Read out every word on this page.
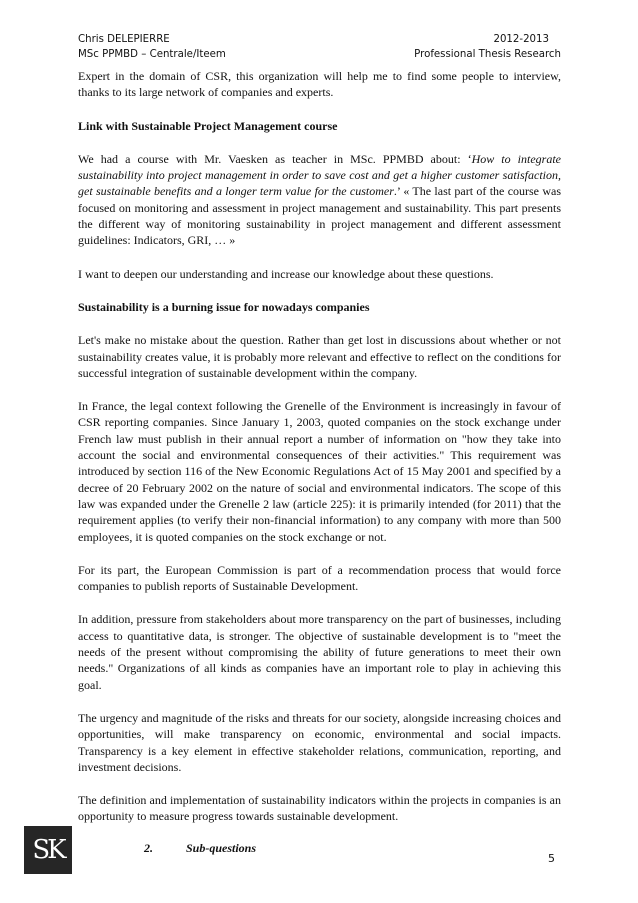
Chris DELEPIERRE	2012-2013
MSc PPMBD – Centrale/Iteem	Professional Thesis Research

Expert in the domain of CSR, this organization will help me to find some people to interview, thanks to its large network of companies and experts.

Link with Sustainable Project Management course

We had a course with Mr. Vaesken as teacher in MSc. PPMBD about: ‘How to integrate sustainability into project management in order to save cost and get a higher customer satisfaction, get sustainable benefits and a longer term value for the customer.’ « The last part of the course was focused on monitoring and assessment in project management and sustainability. This part presents the different way of monitoring sustainability in project management and different assessment guidelines: Indicators, GRI, … »

I want to deepen our understanding and increase our knowledge about these questions.

Sustainability is a burning issue for nowadays companies

Let's make no mistake about the question. Rather than get lost in discussions about whether or not sustainability creates value, it is probably more relevant and effective to reflect on the conditions for successful integration of sustainable development within the company.

In France, the legal context following the Grenelle of the Environment is increasingly in favour of CSR reporting companies. Since January 1, 2003, quoted companies on the stock exchange under French law must publish in their annual report a number of information on "how they take into account the social and environmental consequences of their activities." This requirement was introduced by section 116 of the New Economic Regulations Act of 15 May 2001 and specified by a decree of 20 February 2002 on the nature of social and environmental indicators. The scope of this law was expanded under the Grenelle 2 law (article 225): it is primarily intended (for 2011) that the requirement applies (to verify their non-financial information) to any company with more than 500 employees, it is quoted companies on the stock exchange or not.

For its part, the European Commission is part of a recommendation process that would force companies to publish reports of Sustainable Development.

In addition, pressure from stakeholders about more transparency on the part of businesses, including access to quantitative data, is stronger. The objective of sustainable development is to "meet the needs of the present without compromising the ability of future generations to meet their own needs." Organizations of all kinds as companies have an important role to play in achieving this goal.

The urgency and magnitude of the risks and threats for our society, alongside increasing choices and opportunities, will make transparency on economic, environmental and social impacts. Transparency is a key element in effective stakeholder relations, communication, reporting, and investment decisions.

The definition and implementation of sustainability indicators within the projects in companies is an opportunity to measure progress towards sustainable development.

2.	Sub-questions
SK	5
